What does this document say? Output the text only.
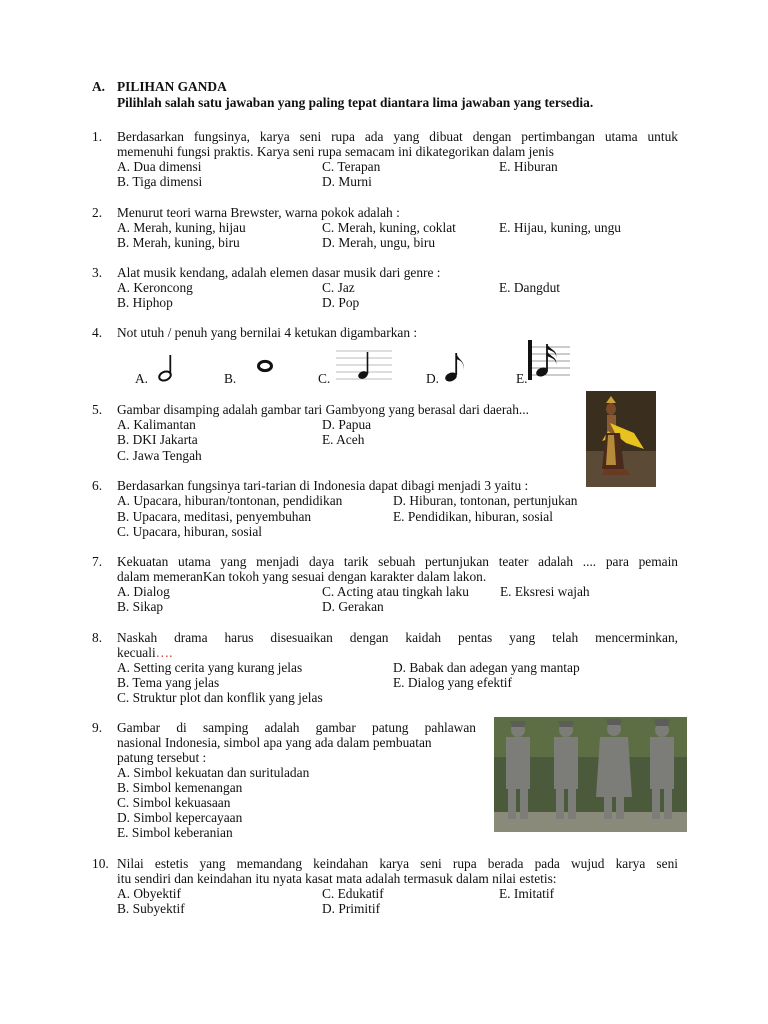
A. PILIHAN GANDA
Pilihlah salah satu jawaban yang paling tepat diantara lima jawaban yang tersedia.
1. Berdasarkan fungsinya, karya seni rupa ada yang dibuat dengan pertimbangan utama untuk
memenuhi fungsi praktis. Karya seni rupa semacam ini dikategorikan dalam jenis
A. Dua dimensi
B. Tiga dimensi
C. Terapan
D. Murni
E. Hiburan
2. Menurut teori warna Brewster, warna pokok adalah :
A. Merah, kuning, hijau
B. Merah, kuning, biru
C. Merah, kuning, coklat
D. Merah, ungu, biru
E. Hijau, kuning, ungu
3. Alat musik kendang, adalah elemen dasar musik dari genre :
A. Keroncong
B. Hiphop
C. Jaz
D. Pop
E. Dangdut
4. Not utuh / penuh yang bernilai 4 ketukan digambarkan :
A.	B.	C.	D.	E.
5. Gambar disamping adalah gambar tari Gambyong yang berasal dari daerah...
A. Kalimantan
B. DKI Jakarta
C. Jawa Tengah
D. Papua
E. Aceh
6. Berdasarkan fungsinya tari-tarian di Indonesia dapat dibagi menjadi 3 yaitu :
A. Upacara, hiburan/tontonan, pendidikan
B. Upacara, meditasi, penyembuhan
C. Upacara, hiburan, sosial
D. Hiburan, tontonan, pertunjukan
E. Pendidikan, hiburan, sosial
7. Kekuatan utama yang menjadi daya tarik sebuah pertunjukan teater adalah .... para pemain
dalam memeranKan tokoh yang sesuai dengan karakter dalam lakon.
A. Dialog
B. Sikap
C. Acting atau tingkah laku
D. Gerakan
E. Eksresi wajah
8. Naskah drama harus disesuaikan dengan kaidah pentas yang telah mencerminkan,
kecuali….
A. Setting cerita yang kurang jelas
B. Tema yang jelas
C. Struktur plot dan konflik yang jelas
D. Babak dan adegan yang mantap
E. Dialog yang efektif
9. Gambar di samping adalah gambar patung pahlawan
nasional Indonesia, simbol apa yang ada dalam pembuatan
patung tersebut :
A. Simbol kekuatan dan surituladan
B. Simbol kemenangan
C. Simbol kekuasaan
D. Simbol kepercayaan
E. Simbol keberanian
10. Nilai estetis yang memandang keindahan karya seni rupa berada pada wujud karya seni
itu sendiri dan keindahan itu nyata kasat mata adalah termasuk dalam nilai estetis:
A. Obyektif
B. Subyektif
C. Edukatif
D. Primitif
E. Imitatif
